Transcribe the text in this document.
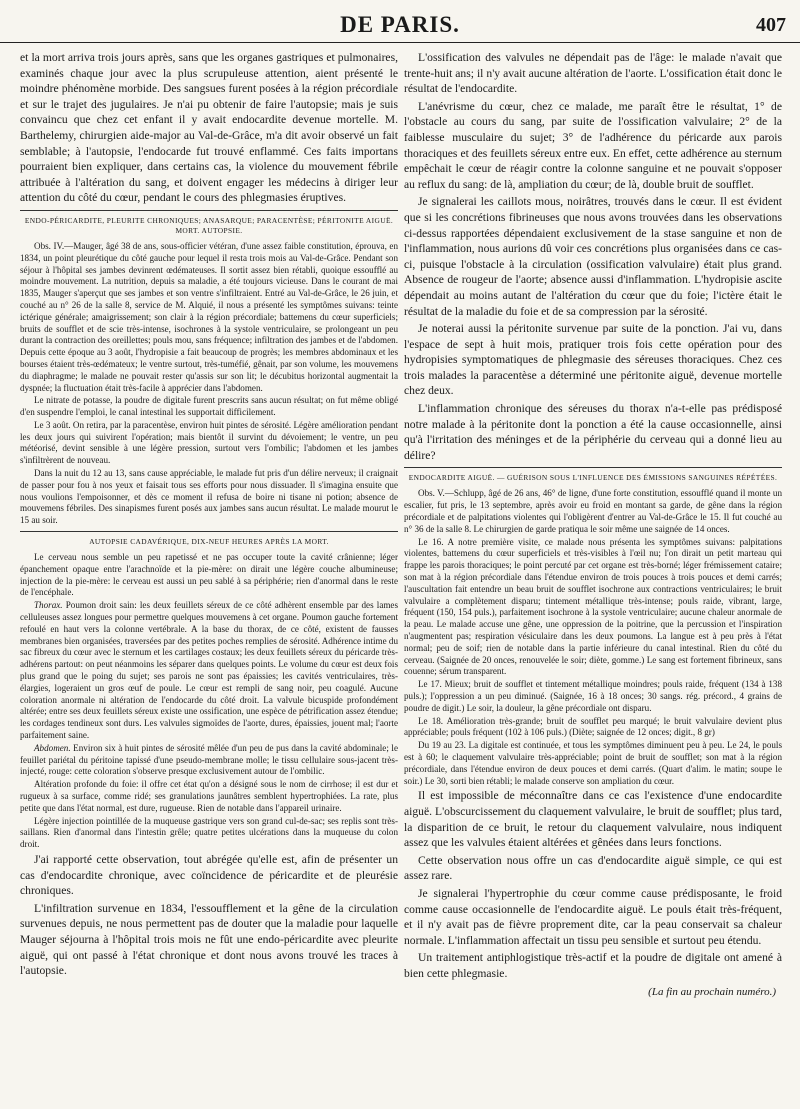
DE PARIS.	407

et la mort arriva trois jours après, sans que les organes gastriques et pulmonaires, examinés chaque jour avec la plus scrupuleuse attention, aient présenté le moindre phénomène morbide. Des sangsues furent posées à la région précordiale et sur le trajet des jugulaires. Je n'ai pu obtenir de faire l'autopsie; mais je suis convaincu que chez cet enfant il y avait endocardite devenue mortelle. M. Barthelemy, chirurgien aide-major au Val-de-Grâce, m'a dit avoir observé un fait semblable; à l'autopsie, l'endocarde fut trouvé enflammé. Ces faits importans pourraient bien expliquer, dans certains cas, la violence du mouvement fébrile attribuée à l'altération du sang, et doivent engager les médecins à diriger leur attention du côté du cœur, pendant le cours des phlegmasies éruptives.

ENDO-PÉRICARDITE, PLEURITE CHRONIQUES; ANASARQUE; PARACENTÈSE; PÉRITONITE AIGUË. MORT. AUTOPSIE.

Obs. IV.—Mauger, âgé 38 de ans, sous-officier vétéran, d'une assez faible constitution, éprouva, en 1834, un point pleurétique du côté gauche pour lequel il resta trois mois au Val-de-Grâce. Pendant son séjour à l'hôpital ses jambes devinrent œdémateuses. Il sortit assez bien rétabli, quoique essoufflé au moindre mouvement. La nutrition, depuis sa maladie, a été toujours vicieuse. Dans le courant de mai 1835, Mauger s'aperçut que ses jambes et son ventre s'infiltraient. Entré au Val-de-Grâce, le 26 juin, et couché au n° 26 de la salle 8, service de M. Alquié, il nous a présenté les symptômes suivans: teinte ictérique générale; amaigrissement; son clair à la région précordiale; battemens du cœur superficiels; bruits de soufflet et de scie très-intense, isochrones à la systole ventriculaire, se prolongeant un peu durant la contraction des oreillettes; pouls mou, sans fréquence; infiltration des jambes et de l'abdomen. Depuis cette époque au 3 août, l'hydropisie a fait beaucoup de progrès; les membres abdominaux et les bourses étaient très-œdémateux; le ventre surtout, très-tuméfié, gênait, par son volume, les mouvemens du diaphragme; le malade ne pouvait rester qu'assis sur son lit; le décubitus horizontal augmentait la dyspnée; la fluctuation était très-facile à apprécier dans l'abdomen.

Le nitrate de potasse, la poudre de digitale furent prescrits sans aucun résultat; on fut même obligé d'en suspendre l'emploi, le canal intestinal les supportait difficilement.

Le 3 août. On retira, par la paracentèse, environ huit pintes de sérosité. Légère amélioration pendant les deux jours qui suivirent l'opération; mais bientôt il survint du dévoiement; le ventre, un peu météorisé, devint sensible à une légère pression, surtout vers l'ombilic; l'abdomen et les jambes s'infiltrèrent de nouveau.

Dans la nuit du 12 au 13, sans cause appréciable, le malade fut pris d'un délire nerveux; il craignait de passer pour fou à nos yeux et faisait tous ses efforts pour nous dissuader. Il s'imagina ensuite que nous voulions l'empoisonner, et dès ce moment il refusa de boire ni tisane ni potion; absence de mouvemens fébriles. Des sinapismes furent posés aux jambes sans aucun résultat. Le malade mourut le 15 au soir.

AUTOPSIE CADAVÉRIQUE, DIX-NEUF HEURES APRÈS LA MORT.

Le cerveau nous semble un peu rapetissé et ne pas occuper toute la cavité crânienne; léger épanchement opaque entre l'arachnoïde et la pie-mère: on dirait une légère couche albumineuse; injection de la pie-mère: le cerveau est aussi un peu sablé à sa périphérie; rien d'anormal dans le reste de l'encéphale.

Thorax. Poumon droit sain: les deux feuillets séreux de ce côté adhèrent ensemble par des lames celluleuses assez longues pour permettre quelques mouvemens à cet organe. Poumon gauche fortement refoulé en haut vers la colonne vertébrale. A la base du thorax, de ce côté, existent de fausses membranes bien organisées, traversées par des petites poches remplies de sérosité. Adhérence intime du sac fibreux du cœur avec le sternum et les cartilages costaux; les deux feuillets séreux du péricarde très-adhérens partout: on peut néanmoins les séparer dans quelques points. Le volume du cœur est deux fois plus grand que le poing du sujet; ses parois ne sont pas épaissies; les cavités ventriculaires, très-élargies, logeraient un gros œuf de poule. Le cœur est rempli de sang noir, peu coagulé. Aucune coloration anormale ni altération de l'endocarde du côté droit. La valvule bicuspide profondément altérée; entre ses deux feuillets séreux existe une ossification, une espèce de pétrification assez étendue; les cordages tendineux sont durs. Les valvules sigmoïdes de l'aorte, dures, épaissies, jouent mal; l'aorte parfaitement saine.

Abdomen. Environ six à huit pintes de sérosité mêlée d'un peu de pus dans la cavité abdominale; le feuillet pariétal du péritoine tapissé d'une pseudo-membrane molle; le tissu cellulaire sous-jacent très-injecté, rouge: cette coloration s'observe presque exclusivement autour de l'ombilic.

Altération profonde du foie: il offre cet état qu'on a désigné sous le nom de cirrhose; il est dur et rugueux à sa surface, comme ridé; ses granulations jaunâtres semblent hypertrophiées. La rate, plus petite que dans l'état normal, est dure, rugueuse. Rien de notable dans l'appareil urinaire.

Légère injection pointillée de la muqueuse gastrique vers son grand cul-de-sac; ses replis sont très-saillans. Rien d'anormal dans l'intestin grêle; quatre petites ulcérations dans la muqueuse du colon droit.

J'ai rapporté cette observation, tout abrégée qu'elle est, afin de présenter un cas d'endocardite chronique, avec coïncidence de péricardite et de pleurésie chroniques.

L'infiltration survenue en 1834, l'essoufflement et la gêne de la circulation survenues depuis, ne nous permettent pas de douter que la maladie pour laquelle Mauger séjourna à l'hôpital trois mois ne fût une endo-péricardite avec pleurite aiguë, qui ont passé à l'état chronique et dont nous avons trouvé les traces à l'autopsie.

L'ossification des valvules ne dépendait pas de l'âge: le malade n'avait que trente-huit ans; il n'y avait aucune altération de l'aorte. L'ossification était donc le résultat de l'endocardite.

L'anévrisme du cœur, chez ce malade, me paraît être le résultat, 1° de l'obstacle au cours du sang, par suite de l'ossification valvulaire; 2° de la faiblesse musculaire du sujet; 3° de l'adhérence du péricarde aux parois thoraciques et des feuillets séreux entre eux. En effet, cette adhérence au sternum empêchait le cœur de réagir contre la colonne sanguine et ne pouvait s'opposer au reflux du sang: de là, ampliation du cœur; de là, double bruit de soufflet.

Je signalerai les caillots mous, noirâtres, trouvés dans le cœur. Il est évident que si les concrétions fibrineuses que nous avons trouvées dans les observations ci-dessus rapportées dépendaient exclusivement de la stase sanguine et non de l'inflammation, nous aurions dû voir ces concrétions plus organisées dans ce cas-ci, puisque l'obstacle à la circulation (ossification valvulaire) était plus grand. Absence de rougeur de l'aorte; absence aussi d'inflammation. L'hydropisie ascite dépendait au moins autant de l'altération du cœur que du foie; l'ictère était le résultat de la maladie du foie et de sa compression par la sérosité.

Je noterai aussi la péritonite survenue par suite de la ponction. J'ai vu, dans l'espace de sept à huit mois, pratiquer trois fois cette opération pour des hydropisies symptomatiques de phlegmasie des séreuses thoraciques. Chez ces trois malades la paracentèse a déterminé une péritonite aiguë, devenue mortelle chez deux.

L'inflammation chronique des séreuses du thorax n'a-t-elle pas prédisposé notre malade à la péritonite dont la ponction a été la cause occasionnelle, ainsi qu'à l'irritation des méninges et de la périphérie du cerveau qui a donné lieu au délire?

ENDOCARDITE AIGUË. — GUÉRISON SOUS L'INFLUENCE DES ÉMISSIONS SANGUINES RÉPÉTÉES.

Obs. V.—Schlupp, âgé de 26 ans, 46° de ligne, d'une forte constitution, essoufflé quand il monte un escalier, fut pris, le 13 septembre, après avoir eu froid en montant sa garde, de gêne dans la région précordiale et de palpitations violentes qui l'obligèrent d'entrer au Val-de-Grâce le 15. Il fut couché au n° 36 de la salle 8. Le chirurgien de garde pratiqua le soir même une saignée de 14 onces.

Le 16. A notre première visite, ce malade nous présenta les symptômes suivans: palpitations violentes, battemens du cœur superficiels et très-visibles à l'œil nu; l'on dirait un petit marteau qui frappe les parois thoraciques; le point percuté par cet organe est très-borné; léger frémissement cataire; son mat à la région précordiale dans l'étendue environ de trois pouces à trois pouces et demi carrés; l'auscultation fait entendre un beau bruit de soufflet isochrone aux contractions ventriculaires; le bruit valvulaire a complètement disparu; tintement métallique très-intense; pouls raide, vibrant, large, fréquent (150, 154 puls.), parfaitement isochrone à la systole ventriculaire; aucune chaleur anormale de la peau. Le malade accuse une gêne, une oppression de la poitrine, que la percussion et l'inspiration n'augmentent pas; respiration vésiculaire dans les deux poumons. La langue est à peu près à l'état normal; peu de soif; rien de notable dans la partie inférieure du canal intestinal. Rien du côté du cerveau. (Saignée de 20 onces, renouvelée le soir; diète, gomme.) Le sang est fortement fibrineux, sans couenne; sérum transparent.

Le 17. Mieux; bruit de soufflet et tintement métallique moindres; pouls raide, fréquent (134 à 138 puls.); l'oppression a un peu diminué. (Saignée, 16 à 18 onces; 30 sangs. rég. précord., 4 grains de poudre de digit.) Le soir, la douleur, la gêne précordiale ont disparu.

Le 18. Amélioration très-grande; bruit de soufflet peu marqué; le bruit valvulaire devient plus appréciable; pouls fréquent (102 à 106 puls.) (Diète; saignée de 12 onces; digit., 8 gr)

Du 19 au 23. La digitale est continuée, et tous les symptômes diminuent peu à peu. Le 24, le pouls est à 60; le claquement valvulaire très-appréciable; point de bruit de soufflet; son mat à la région précordiale, dans l'étendue environ de deux pouces et demi carrés. (Quart d'alim. le matin; soupe le soir.) Le 30, sorti bien rétabli; le malade conserve son ampliation du cœur.

Il est impossible de méconnaître dans ce cas l'existence d'une endocardite aiguë. L'obscurcissement du claquement valvulaire, le bruit de soufflet; plus tard, la disparition de ce bruit, le retour du claquement valvulaire, nous indiquent assez que les valvules étaient altérées et gênées dans leurs fonctions.

Cette observation nous offre un cas d'endocardite aiguë simple, ce qui est assez rare.

Je signalerai l'hypertrophie du cœur comme cause prédisposante, le froid comme cause occasionnelle de l'endocardite aiguë. Le pouls était très-fréquent, et il n'y avait pas de fièvre proprement dite, car la peau conservait sa chaleur normale. L'inflammation affectait un tissu peu sensible et surtout peu étendu.

Un traitement antiphlogistique très-actif et la poudre de digitale ont amené à bien cette phlegmasie.

(La fin au prochain numéro.)
